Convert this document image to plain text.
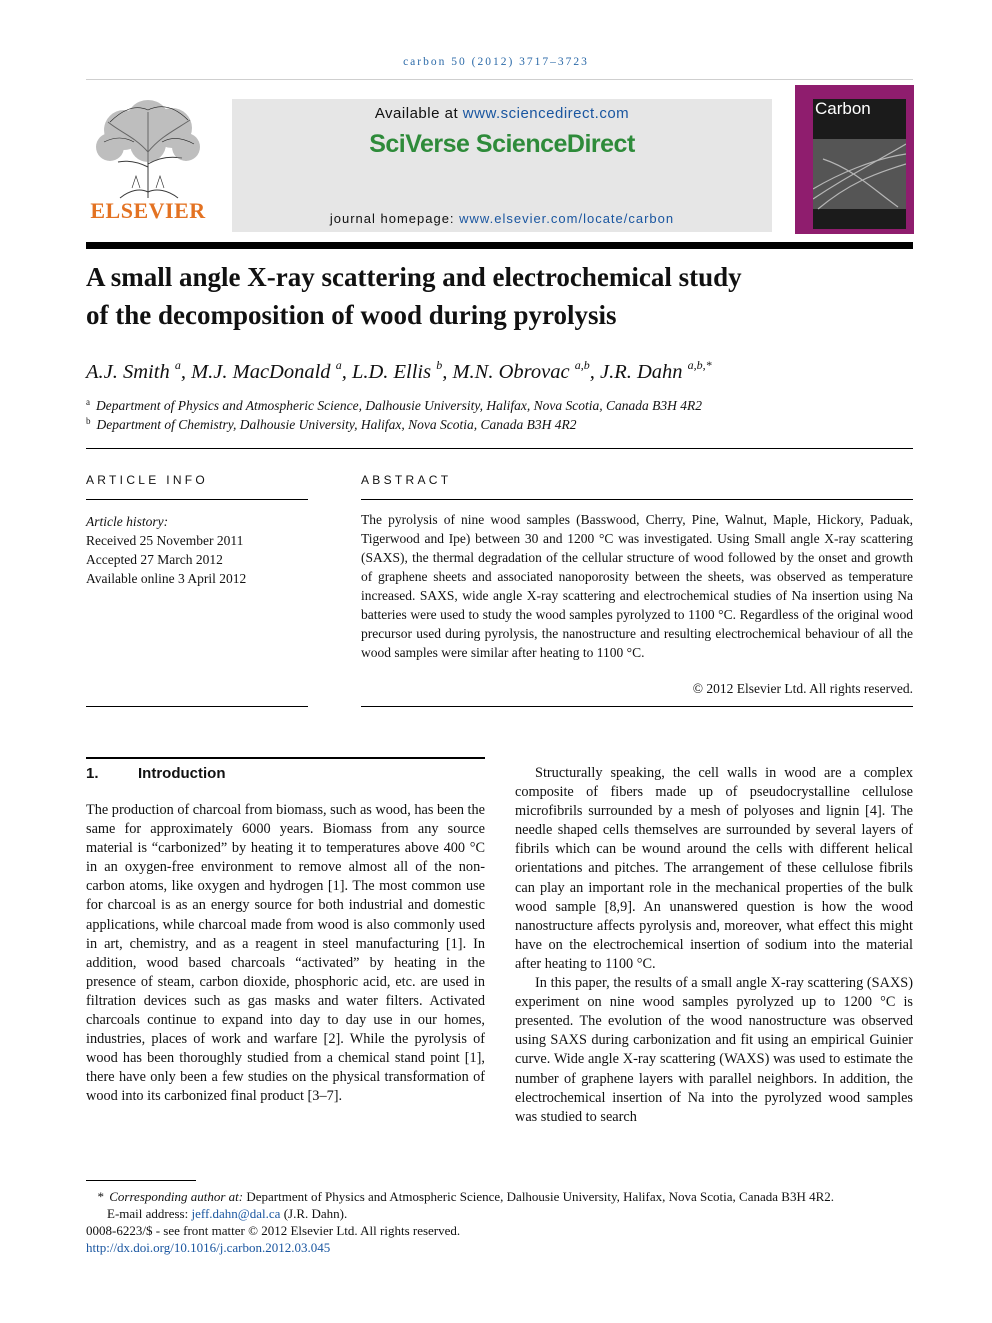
carbon 50 (2012) 3717–3723
ELSEVIER
Available at www.sciencedirect.com
SciVerse ScienceDirect
journal homepage: www.elsevier.com/locate/carbon
Carbon
A small angle X-ray scattering and electrochemical study
of the decomposition of wood during pyrolysis
A.J. Smith $^a$, M.J. MacDonald $^a$, L.D. Ellis $^b$, M.N. Obrovac $^{a,b}$, J.R. Dahn $^{a,b,*}$
$^a$ Department of Physics and Atmospheric Science, Dalhousie University, Halifax, Nova Scotia, Canada B3H 4R2
$^b$ Department of Chemistry, Dalhousie University, Halifax, Nova Scotia, Canada B3H 4R2
ARTICLE INFO
Article history:
Received 25 November 2011
Accepted 27 March 2012
Available online 3 April 2012
ABSTRACT
The pyrolysis of nine wood samples (Basswood, Cherry, Pine, Walnut, Maple, Hickory, Paduak, Tigerwood and Ipe) between 30 and 1200 °C was investigated. Using Small angle X-ray scattering (SAXS), the thermal degradation of the cellular structure of wood followed by the onset and growth of graphene sheets and associated nanoporosity between the sheets, was observed as temperature increased. SAXS, wide angle X-ray scattering and electrochemical studies of Na insertion using Na batteries were used to study the wood samples pyrolyzed to 1100 °C. Regardless of the original wood precursor used during pyrolysis, the nanostructure and resulting electrochemical behaviour of all the wood samples were similar after heating to 1100 °C.
© 2012 Elsevier Ltd. All rights reserved.
1.	Introduction

The production of charcoal from biomass, such as wood, has been the same for approximately 6000 years. Biomass from any source material is “carbonized” by heating it to temperatures above 400 °C in an oxygen-free environment to remove almost all of the non-carbon atoms, like oxygen and hydrogen [1]. The most common use for charcoal is as an energy source for both industrial and domestic applications, while charcoal made from wood is also commonly used in art, chemistry, and as a reagent in steel manufacturing [1]. In addition, wood based charcoals “activated” by heating in the presence of steam, carbon dioxide, phosphoric acid, etc. are used in filtration devices such as gas masks and water filters. Activated charcoals continue to expand into day to day use in our homes, industries, places of work and warfare [2]. While the pyrolysis of wood has been thoroughly studied from a chemical stand point [1], there have only been a few studies on the physical transformation of wood into its carbonized final product [3–7].

Structurally speaking, the cell walls in wood are a complex composite of fibers made up of pseudocrystalline cellulose microfibrils surrounded by a mesh of polyoses and lignin [4]. The needle shaped cells themselves are surrounded by several layers of fibrils which can be wound around the cells with different helical orientations and pitches. The arrangement of these cellulose fibrils can play an important role in the mechanical properties of the bulk wood sample [8,9]. An unanswered question is how the wood nanostructure affects pyrolysis and, moreover, what effect this might have on the electrochemical insertion of sodium into the material after heating to 1100 °C.

In this paper, the results of a small angle X-ray scattering (SAXS) experiment on nine wood samples pyrolyzed up to 1200 °C is presented. The evolution of the wood nanostructure was observed using SAXS during carbonization and fit using an empirical Guinier curve. Wide angle X-ray scattering (WAXS) was used to estimate the number of graphene layers with parallel neighbors. In addition, the electrochemical insertion of Na into the pyrolyzed wood samples was studied to search

* Corresponding author at: Department of Physics and Atmospheric Science, Dalhousie University, Halifax, Nova Scotia, Canada B3H 4R2.
E-mail address: jeff.dahn@dal.ca (J.R. Dahn).
0008-6223/$ - see front matter © 2012 Elsevier Ltd. All rights reserved.
http://dx.doi.org/10.1016/j.carbon.2012.03.045
